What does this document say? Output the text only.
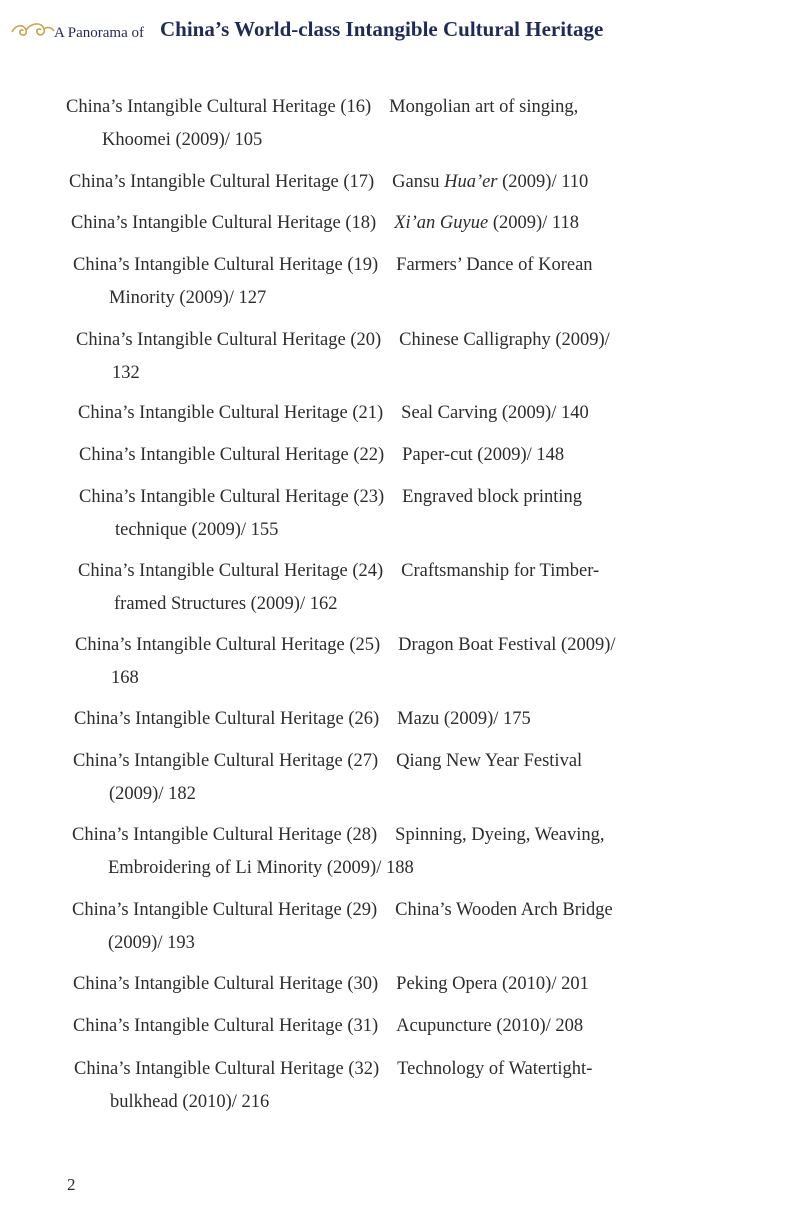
A Panorama of China’s World-class Intangible Cultural Heritage
China’s Intangible Cultural Heritage (16) Mongolian art of singing,
Khoomei (2009)/ 105
China’s Intangible Cultural Heritage (17) Gansu Hua’er (2009)/ 110
China’s Intangible Cultural Heritage (18) Xi’an Guyue (2009)/ 118
China’s Intangible Cultural Heritage (19) Farmers’ Dance of Korean
Minority (2009)/ 127
China’s Intangible Cultural Heritage (20) Chinese Calligraphy (2009)/
132
China’s Intangible Cultural Heritage (21) Seal Carving (2009)/ 140
China’s Intangible Cultural Heritage (22) Paper-cut (2009)/ 148
China’s Intangible Cultural Heritage (23) Engraved block printing
technique (2009)/ 155
China’s Intangible Cultural Heritage (24) Craftsmanship for Timber-
framed Structures (2009)/ 162
China’s Intangible Cultural Heritage (25) Dragon Boat Festival (2009)/
168
China’s Intangible Cultural Heritage (26) Mazu (2009)/ 175
China’s Intangible Cultural Heritage (27) Qiang New Year Festival
(2009)/ 182
China’s Intangible Cultural Heritage (28) Spinning, Dyeing, Weaving,
Embroidering of Li Minority (2009)/ 188
China’s Intangible Cultural Heritage (29) China’s Wooden Arch Bridge
(2009)/ 193
China’s Intangible Cultural Heritage (30) Peking Opera (2010)/ 201
China’s Intangible Cultural Heritage (31) Acupuncture (2010)/ 208
China’s Intangible Cultural Heritage (32) Technology of Watertight-
bulkhead (2010)/ 216
2
